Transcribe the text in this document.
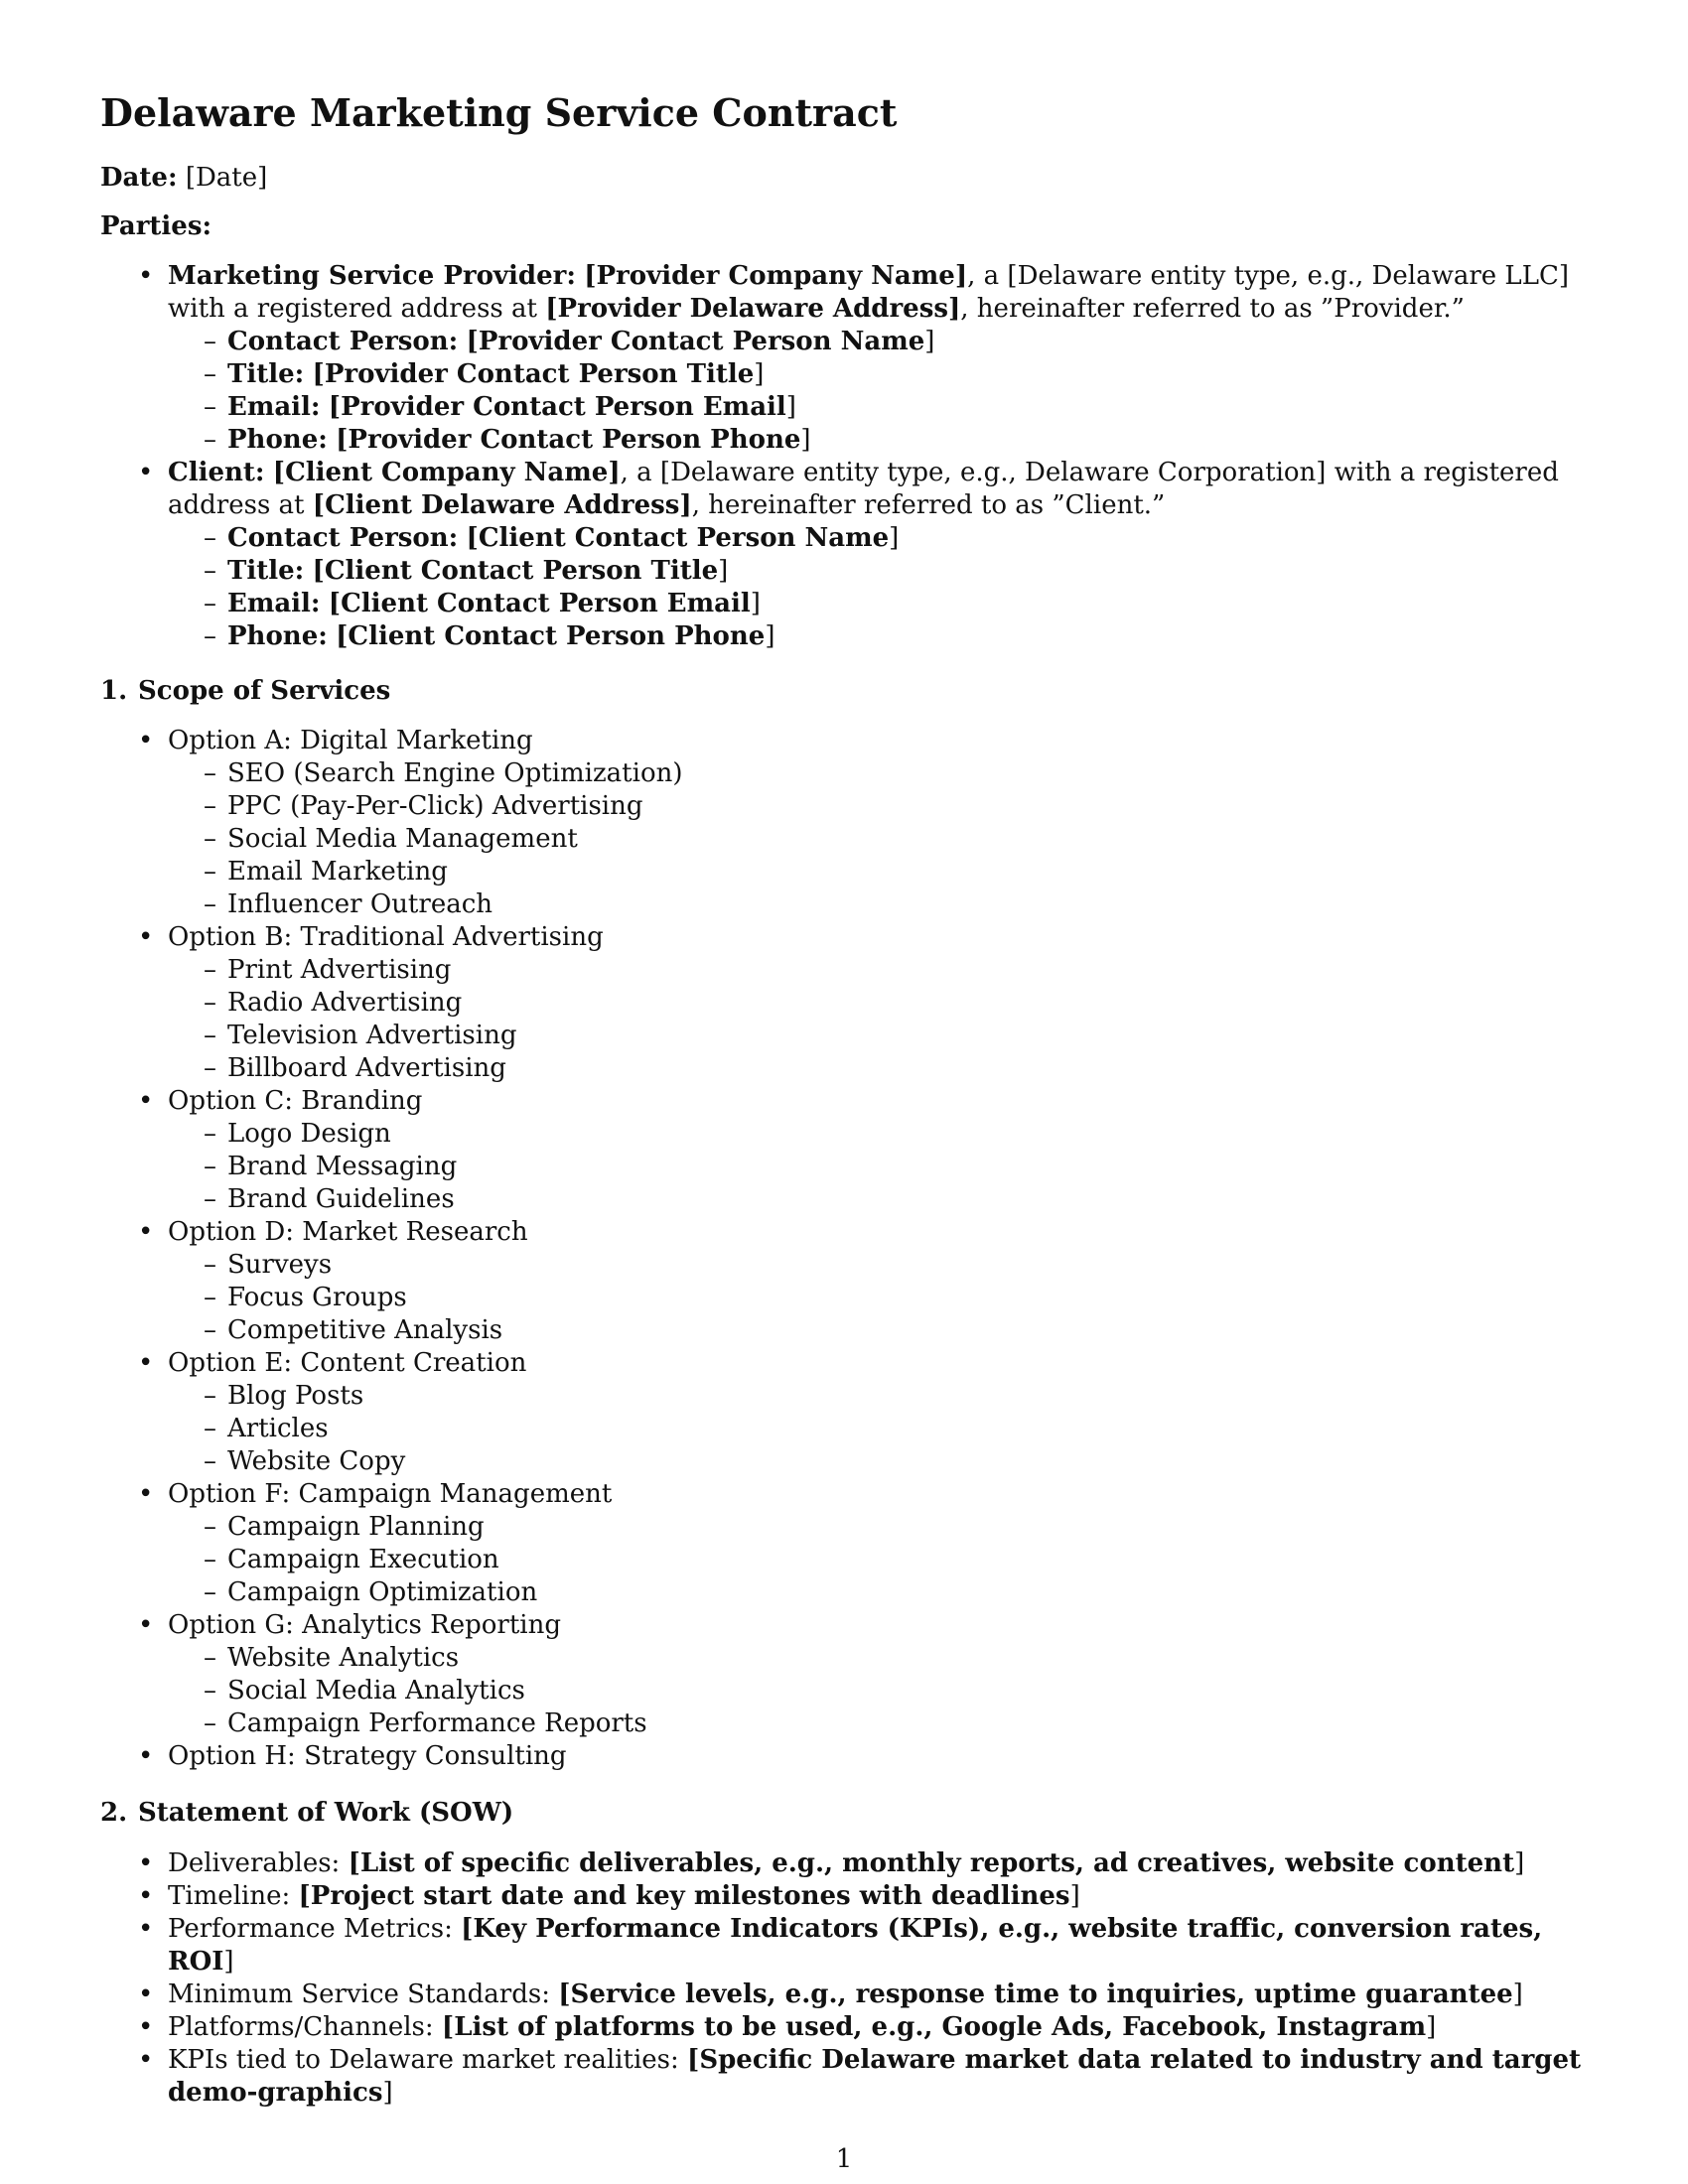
Delaware Marketing Service Contract
Date: [Date]
Parties:
• Marketing Service Provider: [Provider Company Name], a [Delaware entity type, e.g., Delaware LLC] with a registered address at [Provider Delaware Address], hereinafter referred to as ”Provider.”
– Contact Person: [Provider Contact Person Name]
– Title: [Provider Contact Person Title]
– Email: [Provider Contact Person Email]
– Phone: [Provider Contact Person Phone]
• Client: [Client Company Name], a [Delaware entity type, e.g., Delaware Corporation] with a registered address at [Client Delaware Address], hereinafter referred to as ”Client.”
– Contact Person: [Client Contact Person Name]
– Title: [Client Contact Person Title]
– Email: [Client Contact Person Email]
– Phone: [Client Contact Person Phone]
1. Scope of Services
• Option A: Digital Marketing
– SEO (Search Engine Optimization)
– PPC (Pay-Per-Click) Advertising
– Social Media Management
– Email Marketing
– Influencer Outreach
• Option B: Traditional Advertising
– Print Advertising
– Radio Advertising
– Television Advertising
– Billboard Advertising
• Option C: Branding
– Logo Design
– Brand Messaging
– Brand Guidelines
• Option D: Market Research
– Surveys
– Focus Groups
– Competitive Analysis
• Option E: Content Creation
– Blog Posts
– Articles
– Website Copy
• Option F: Campaign Management
– Campaign Planning
– Campaign Execution
– Campaign Optimization
• Option G: Analytics Reporting
– Website Analytics
– Social Media Analytics
– Campaign Performance Reports
• Option H: Strategy Consulting
2. Statement of Work (SOW)
• Deliverables: [List of specific deliverables, e.g., monthly reports, ad creatives, website content]
• Timeline: [Project start date and key milestones with deadlines]
• Performance Metrics: [Key Performance Indicators (KPIs), e.g., website traffic, conversion rates, ROI]
• Minimum Service Standards: [Service levels, e.g., response time to inquiries, uptime guarantee]
• Platforms/Channels: [List of platforms to be used, e.g., Google Ads, Facebook, Instagram]
• KPIs tied to Delaware market realities: [Specific Delaware market data related to industry and target demo-graphics]
1
